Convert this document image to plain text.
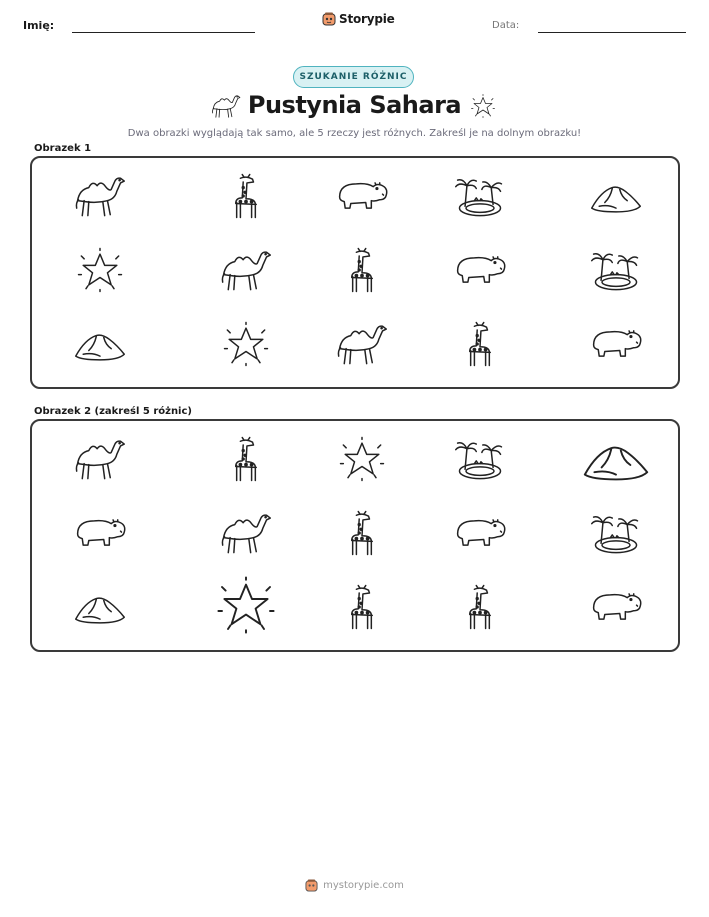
Imię:	Storypie	Data:
SZUKANIE RÓŻNIC
Pustynia Sahara
Dwa obrazki wyglądają tak samo, ale 5 rzeczy jest różnych. Zakreśl je na dolnym obrazku!
Obrazek 1
Obrazek 2 (zakreśl 5 różnic)
mystorypie.com
